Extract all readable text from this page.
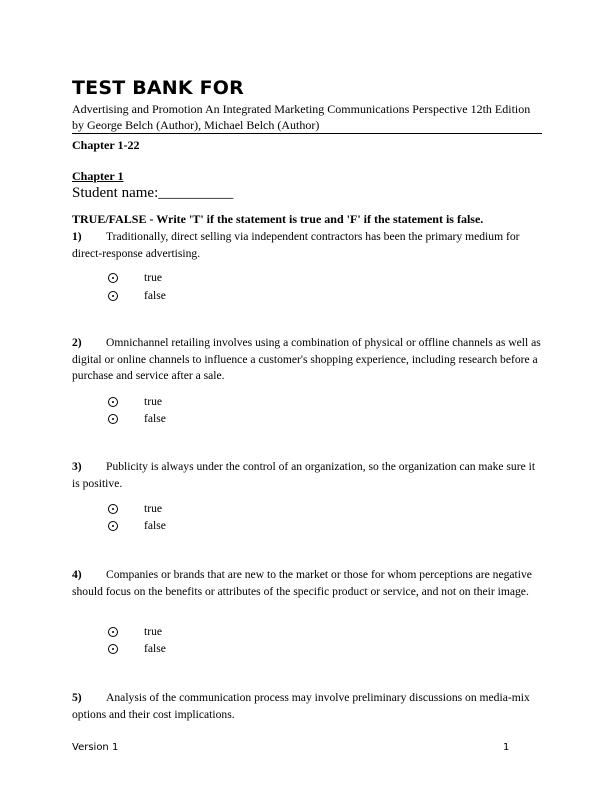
TEST BANK FOR
Advertising and Promotion An Integrated Marketing Communications Perspective 12th Edition
by George Belch (Author), Michael Belch (Author)
Chapter 1-22
Chapter 1
Student name:__________
TRUE/FALSE - Write 'T' if the statement is true and 'F' if the statement is false.
1) Traditionally, direct selling via independent contractors has been the primary medium for direct-response advertising.
true
false
2) Omnichannel retailing involves using a combination of physical or offline channels as well as digital or online channels to influence a customer's shopping experience, including research before a purchase and service after a sale.
true
false
3) Publicity is always under the control of an organization, so the organization can make sure it is positive.
true
false
4) Companies or brands that are new to the market or those for whom perceptions are negative should focus on the benefits or attributes of the specific product or service, and not on their image.
true
false
5) Analysis of the communication process may involve preliminary discussions on media-mix options and their cost implications.
Version 1	1
